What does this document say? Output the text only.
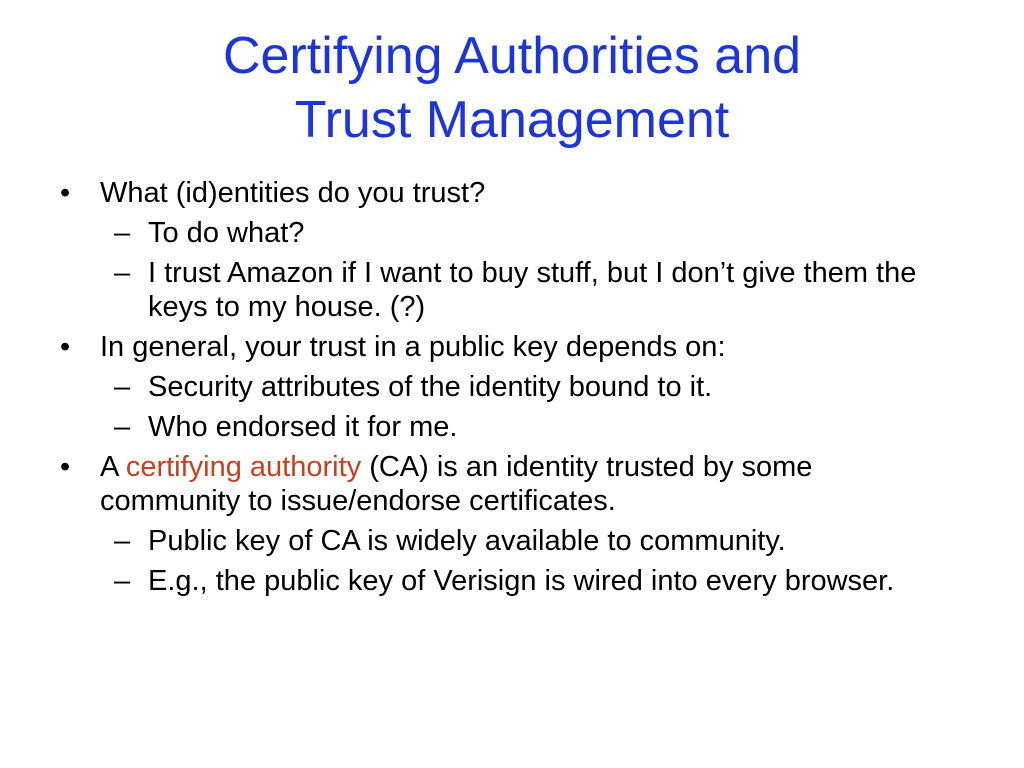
Certifying Authorities and
Trust Management
• What (id)entities do you trust?
– To do what?
– I trust Amazon if I want to buy stuff, but I don’t give them the keys to my house. (?)
• In general, your trust in a public key depends on:
– Security attributes of the identity bound to it.
– Who endorsed it for me.
• A certifying authority (CA) is an identity trusted by some community to issue/endorse certificates.
– Public key of CA is widely available to community.
– E.g., the public key of Verisign is wired into every browser.
